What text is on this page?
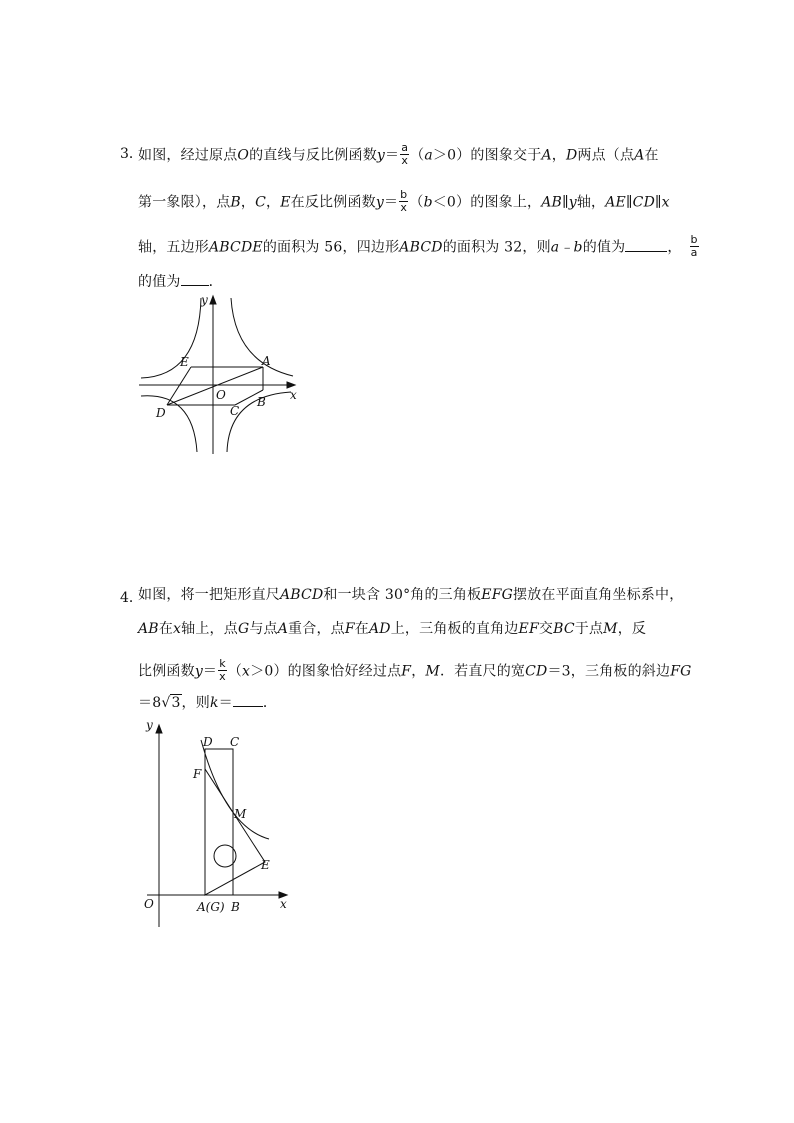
3．
如图，经过原点O的直线与反比例函数$y= \frac{a}{x} (a>0)$的图象交于A，D两点（点A在
第一象限），点B，C，E在反比例函数$y= \frac{b}{x} (b<0)$的图象上，AB∥y轴，AE∥CD∥x
轴，五边形ABCDE的面积为 56，四边形ABCD的面积为 32，则a﹣b的值为	， $\frac{b}{a}$
的值为 ．
E	A
O	B
C
D
x
y
4．
如图，将一把矩形直尺ABCD和一块含 30°角的三角板EFG摆放在平面直角坐标系中，
AB在x轴上，点G与点A重合，点F在AD上，三角板的直角边EF交BC于点M，反
比例函数$y= \frac{k}{x} (x>0)$的图象恰好经过点F，M．若直尺的宽CD＝3，三角板的斜边FG
＝8√3，则k＝ ．
y
D C
F
M
E
O	A(G) B	x
